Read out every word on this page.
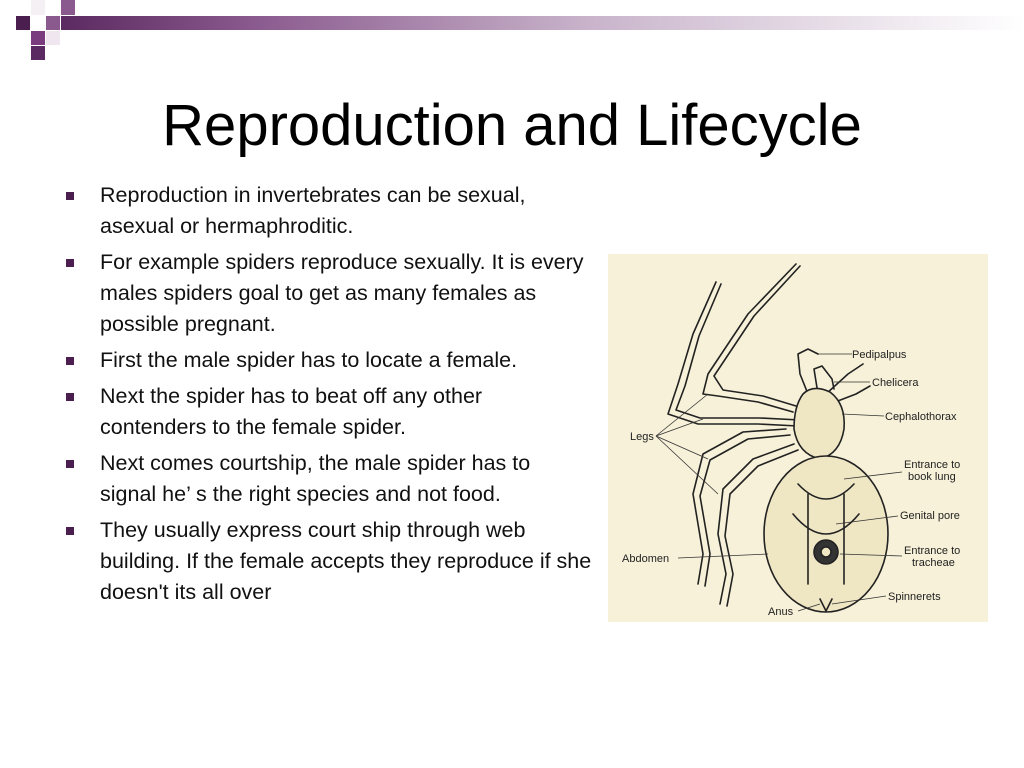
Reproduction and Lifecycle
Reproduction in invertebrates can be sexual, asexual or hermaphroditic.
For example spiders reproduce sexually. It is every males spiders goal to get as many females as possible pregnant.
First the male spider has to locate a female.
Next the spider has to beat off any other contenders to the female spider.
Next comes courtship, the male spider has to signal he’ s the right species and not food.
They usually express court ship through web building. If the female accepts they reproduce if she doesn't its all over
Pedipalpus
Chelicera
Cephalothorax
Legs
Entrance to
book lung
Genital pore
Abdomen
Entrance to
tracheae
Spinnerets
Anus
